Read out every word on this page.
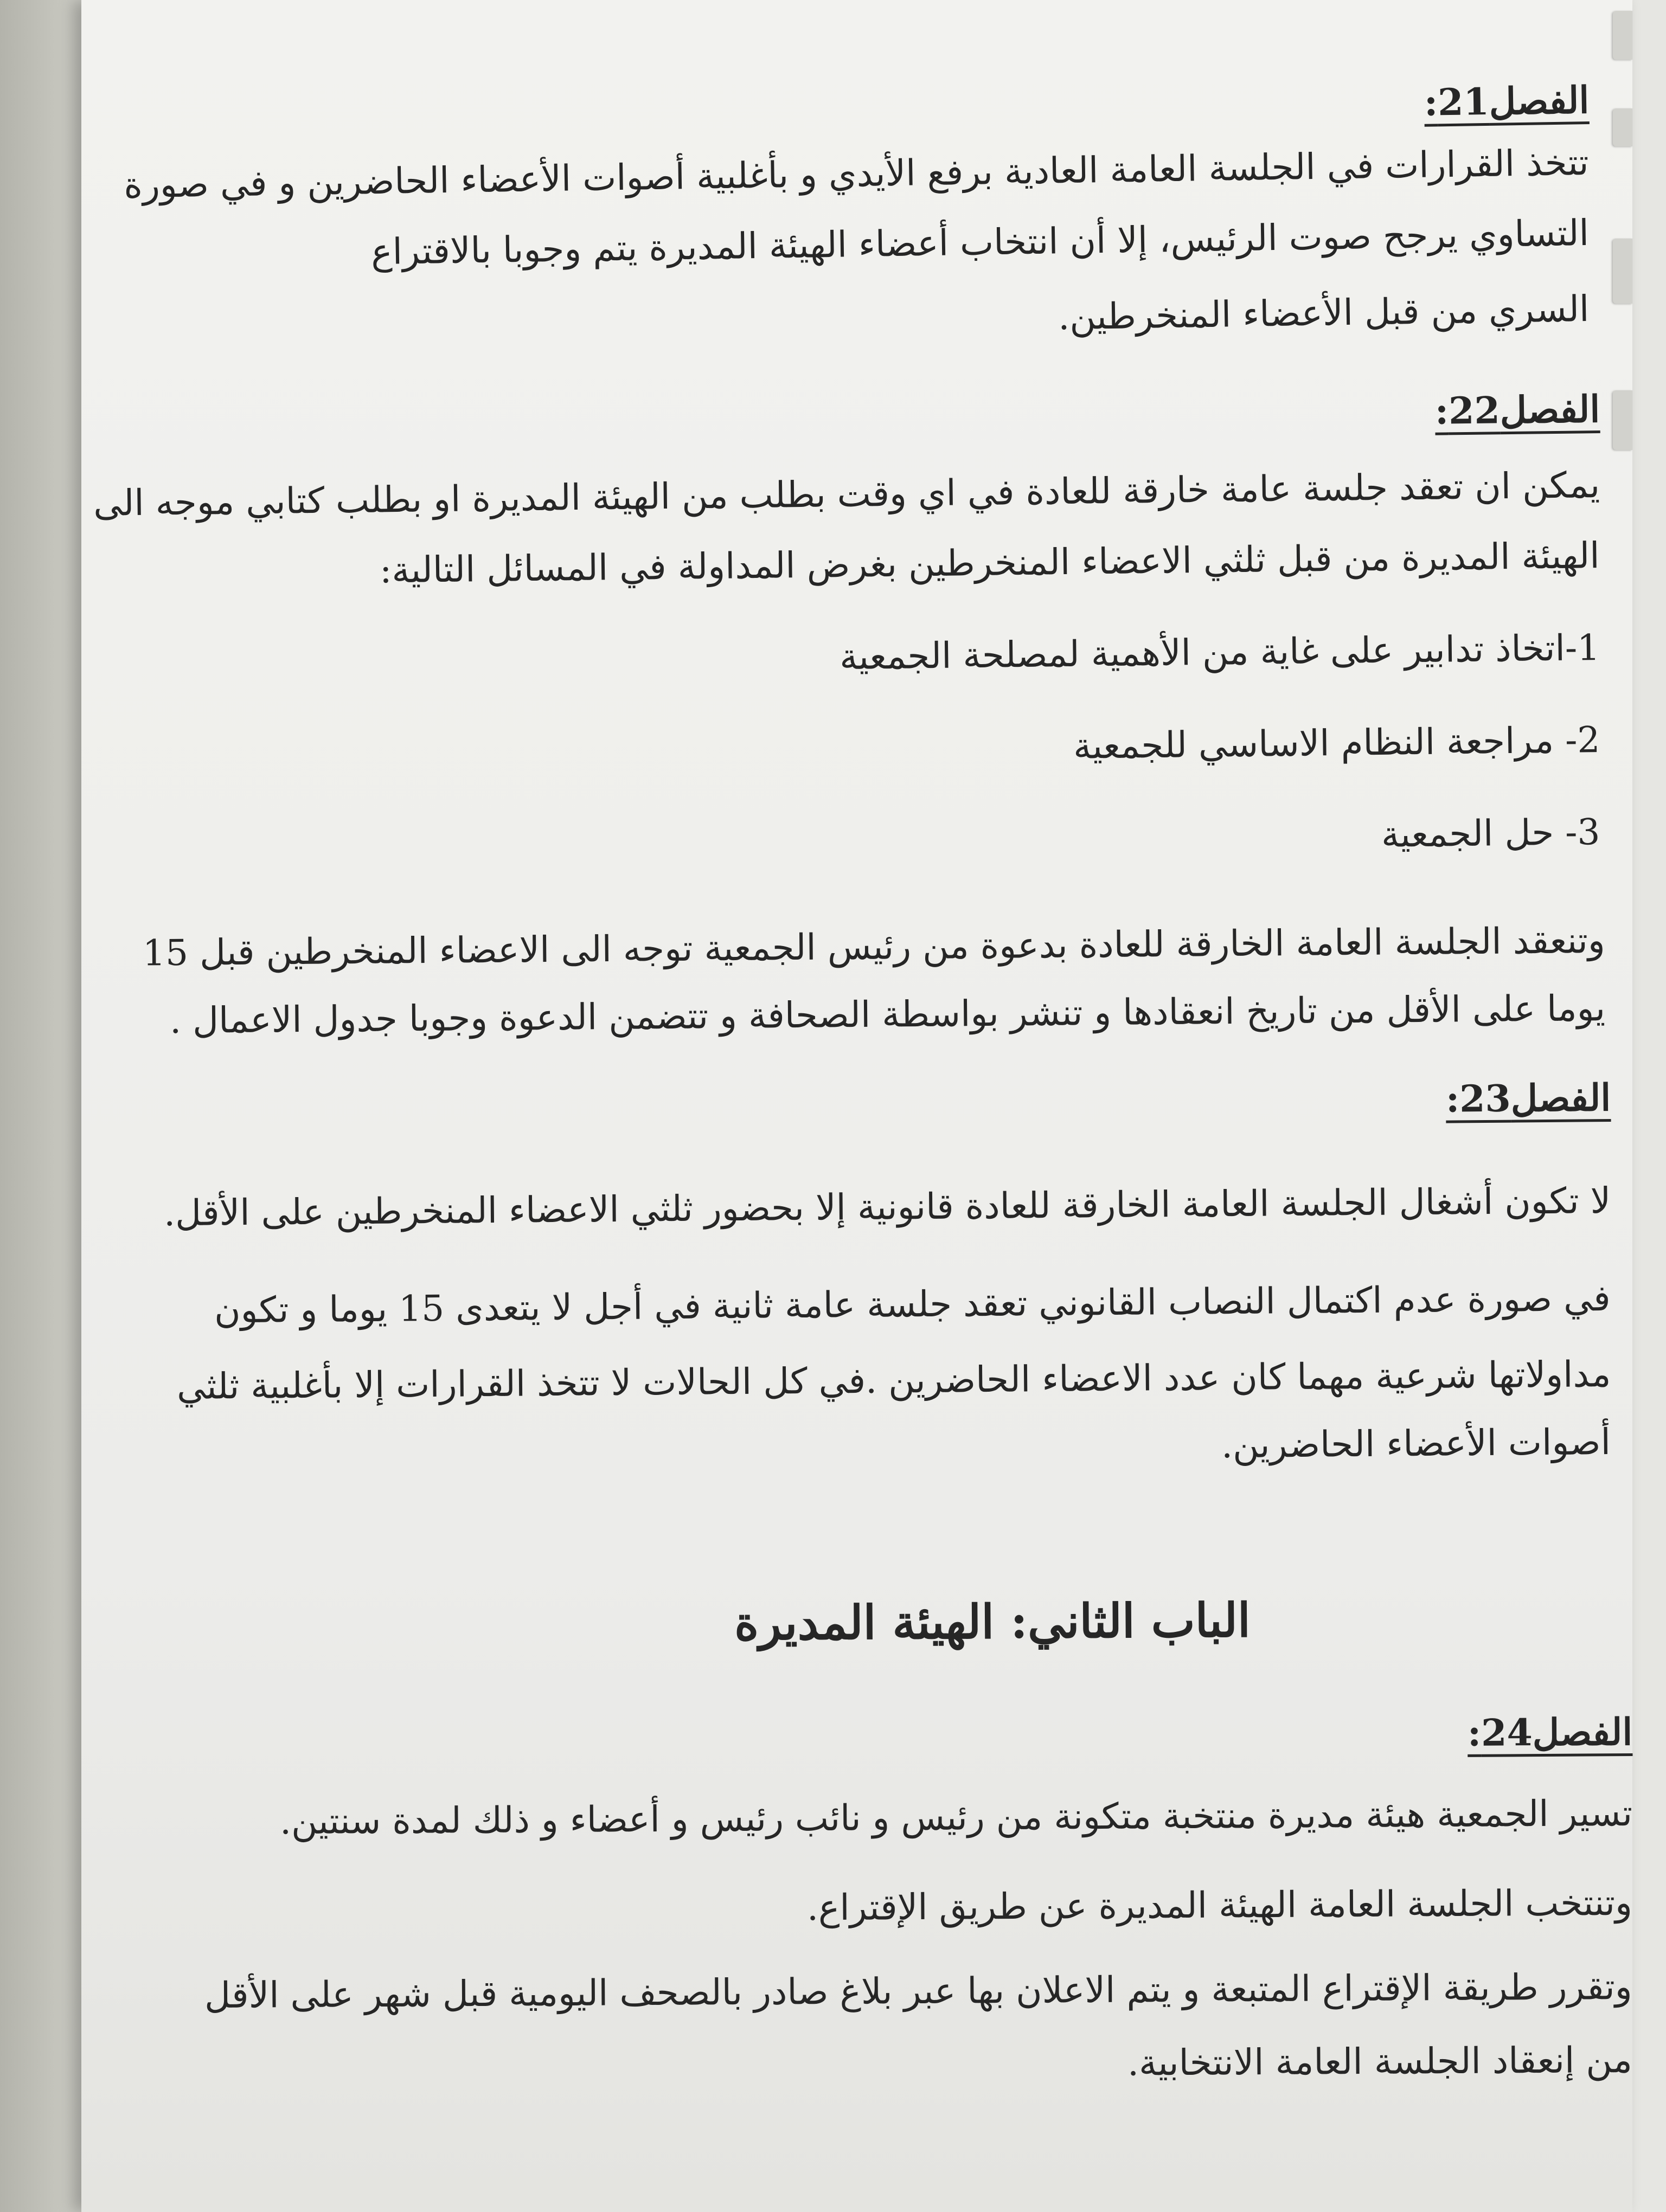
الفصل21:
تتخذ القرارات في الجلسة العامة العادية برفع الأيدي و بأغلبية أصوات الأعضاء الحاضرين و في صورة
التساوي يرجح صوت الرئيس، إلا أن انتخاب أعضاء الهيئة المديرة يتم وجوبا بالاقتراع
السري من قبل الأعضاء المنخرطين.
الفصل22:
يمكن ان تعقد جلسة عامة خارقة للعادة في اي وقت بطلب من الهيئة المديرة او بطلب كتابي موجه الى
الهيئة المديرة من قبل ثلثي الاعضاء المنخرطين بغرض المداولة في المسائل التالية:
1-اتخاذ تدابير على غاية من الأهمية لمصلحة الجمعية
2- مراجعة النظام الاساسي للجمعية
3- حل الجمعية
وتنعقد الجلسة العامة الخارقة للعادة بدعوة من رئيس الجمعية توجه الى الاعضاء المنخرطين قبل 15
يوما على الأقل من تاريخ انعقادها و تنشر بواسطة الصحافة و تتضمن الدعوة وجوبا جدول الاعمال .
الفصل23:
لا تكون أشغال الجلسة العامة الخارقة للعادة قانونية إلا بحضور ثلثي الاعضاء المنخرطين على الأقل.
في صورة عدم اكتمال النصاب القانوني تعقد جلسة عامة ثانية في أجل لا يتعدى 15 يوما و تكون
مداولاتها شرعية مهما كان عدد الاعضاء الحاضرين .في كل الحالات لا تتخذ القرارات إلا بأغلبية ثلثي
أصوات الأعضاء الحاضرين.
الباب الثاني: الهيئة المديرة
الفصل24:
تسير الجمعية هيئة مديرة منتخبة متكونة من رئيس و نائب رئيس و أعضاء و ذلك لمدة سنتين.
وتنتخب الجلسة العامة الهيئة المديرة عن طريق الإقتراع.
وتقرر طريقة الإقتراع المتبعة و يتم الاعلان بها عبر بلاغ صادر بالصحف اليومية قبل شهر على الأقل
من إنعقاد الجلسة العامة الانتخابية.
